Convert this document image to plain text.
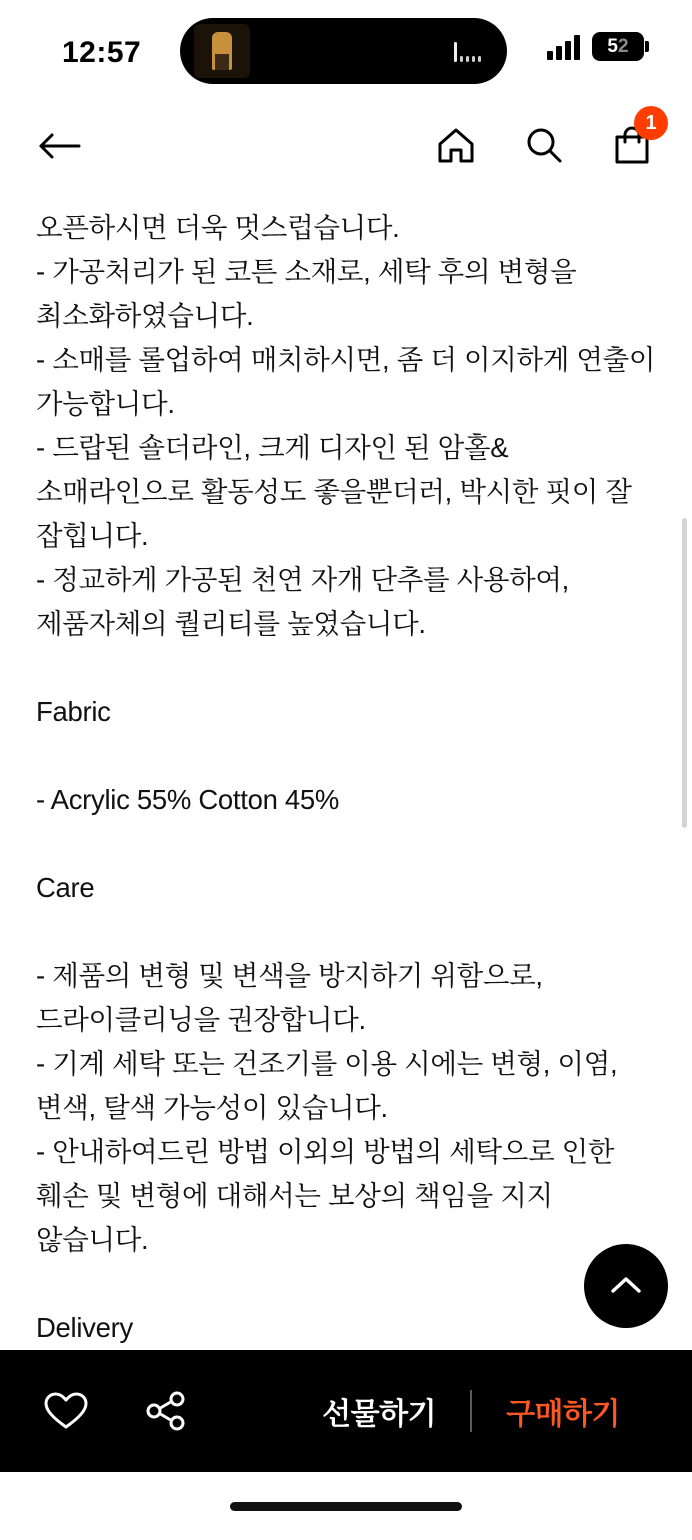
12:57	5 2
1

오픈하시면 더욱 멋스럽습니다.

- 가공처리가 된 코튼 소재로, 세탁 후의 변형을 최소화하였습니다.

- 소매를 롤업하여 매치하시면, 좀 더 이지하게 연출이 가능합니다.

- 드랍된 숄더라인, 크게 디자인 된 암홀&소매라인으로 활동성도 좋을뿐더러, 박시한 핏이 잘 잡힙니다.

- 정교하게 가공된 천연 자개 단추를 사용하여, 제품자체의 퀄리티를 높였습니다.

Fabric

- Acrylic 55% Cotton 45%

Care

- 제품의 변형 및 변색을 방지하기 위함으로, 드라이클리닝을 권장합니다.

- 기계 세탁 또는 건조기를 이용 시에는 변형, 이염, 변색, 탈색 가능성이 있습니다.

- 안내하여드린 방법 이외의 방법의 세탁으로 인한 훼손 및 변형에 대해서는 보상의 책임을 지지 않습니다.

Delivery

선물하기 구매하기
